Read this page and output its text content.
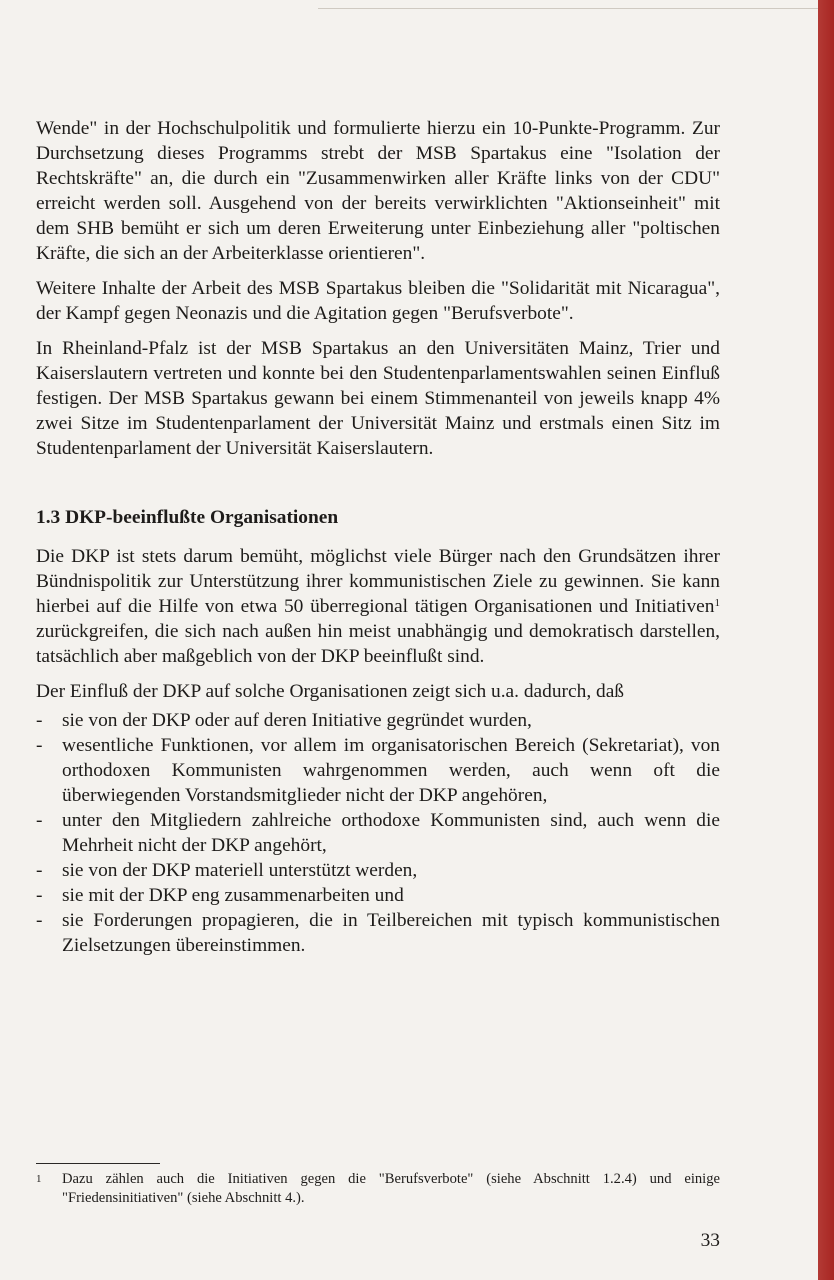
Wende" in der Hochschulpolitik und formulierte hierzu ein 10-Punkte-Programm. Zur Durchsetzung dieses Programms strebt der MSB Spartakus eine "Isolation der Rechtskräfte" an, die durch ein "Zusammenwirken aller Kräfte links von der CDU" erreicht werden soll. Ausgehend von der bereits verwirklichten "Aktionseinheit" mit dem SHB bemüht er sich um deren Erweiterung unter Einbeziehung aller "poltischen Kräfte, die sich an der Arbeiterklasse orientieren".

Weitere Inhalte der Arbeit des MSB Spartakus bleiben die "Solidarität mit Nicaragua", der Kampf gegen Neonazis und die Agitation gegen "Berufsverbote".

In Rheinland-Pfalz ist der MSB Spartakus an den Universitäten Mainz, Trier und Kaiserslautern vertreten und konnte bei den Studentenparlamentswahlen seinen Einfluß festigen. Der MSB Spartakus gewann bei einem Stimmenanteil von jeweils knapp 4% zwei Sitze im Studentenparlament der Universität Mainz und erstmals einen Sitz im Studentenparlament der Universität Kaiserslautern.

1.3 DKP-beeinflußte Organisationen

Die DKP ist stets darum bemüht, möglichst viele Bürger nach den Grundsätzen ihrer Bündnispolitik zur Unterstützung ihrer kommunistischen Ziele zu gewinnen. Sie kann hierbei auf die Hilfe von etwa 50 überregional tätigen Organisationen und Initiativen$^1$ zurückgreifen, die sich nach außen hin meist unabhängig und demokratisch darstellen, tatsächlich aber maßgeblich von der DKP beeinflußt sind.

Der Einfluß der DKP auf solche Organisationen zeigt sich u.a. dadurch, daß

- sie von der DKP oder auf deren Initiative gegründet wurden,
- wesentliche Funktionen, vor allem im organisatorischen Bereich (Sekretariat), von orthodoxen Kommunisten wahrgenommen werden, auch wenn oft die überwiegenden Vorstandsmitglieder nicht der DKP angehören,
- unter den Mitgliedern zahlreiche orthodoxe Kommunisten sind, auch wenn die Mehrheit nicht der DKP angehört,
- sie von der DKP materiell unterstützt werden,
- sie mit der DKP eng zusammenarbeiten und
- sie Forderungen propagieren, die in Teilbereichen mit typisch kommunistischen Zielsetzungen übereinstimmen.
1	Dazu zählen auch die Initiativen gegen die "Berufsverbote" (siehe Abschnitt 1.2.4) und einige "Friedensinitiativen" (siehe Abschnitt 4.).
33
